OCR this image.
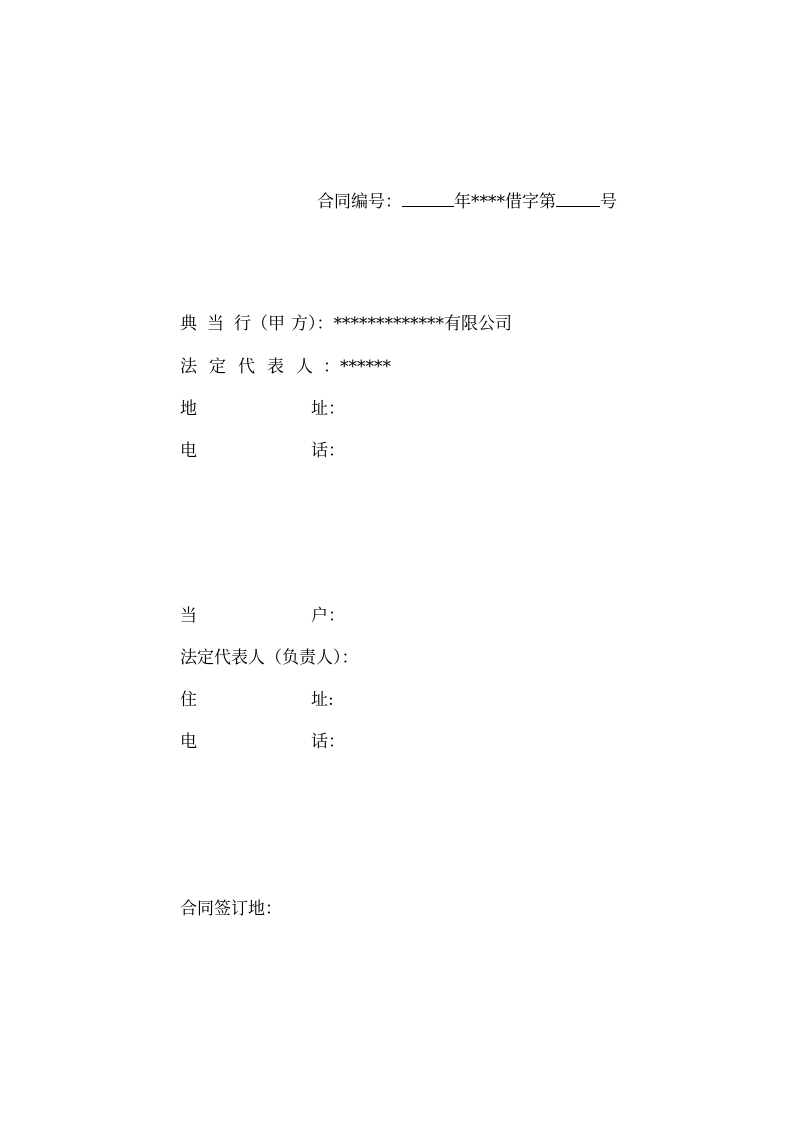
合同编号：	年****借字第	号
典 当 行（甲 方）：*************有限公司
法 定 代 表 人 ：******
地	址：
电	话：
当	户：
法定代表人（负责人）：
住	址:
电	话：
合同签订地：
